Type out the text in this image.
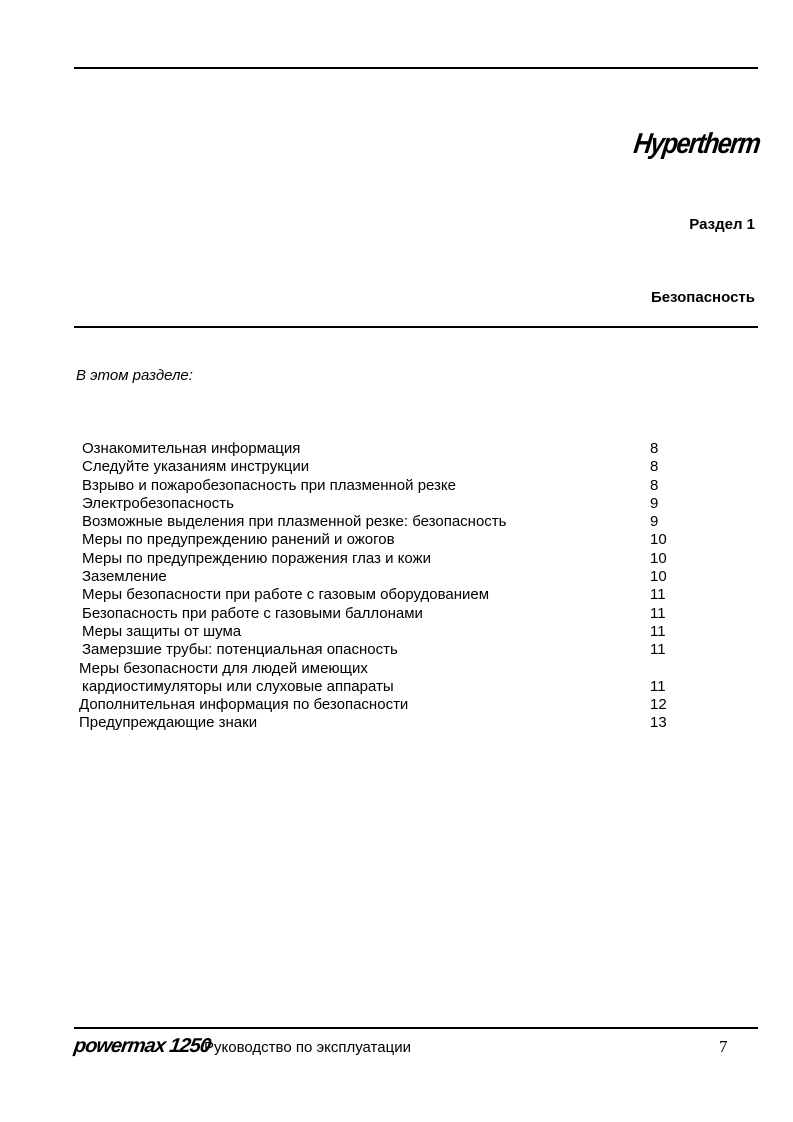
Hypertherm
Раздел 1
Безопасность
В этом разделе:
Ознакомительная информация	8
Следуйте указаниям инструкции	8
Взрыво и пожаробезопасность при плазменной резке	8
Электробезопасность	9
Возможные выделения при плазменной резке: безопасность	9
Меры по предупреждению ранений и ожогов	10
Меры по предупреждению поражения глаз и кожи	10
Заземление	10
Меры безопасности при работе с газовым оборудованием	11
Безопасность при работе с газовыми баллонами	11
Меры защиты от шума	11
Замерзшие трубы: потенциальная опасность	11
Меры безопасности для людей имеющих
кардиостимуляторы или слуховые аппараты	11
Дополнительная информация по безопасности	12
Предупреждающие знаки	13
powermax 1250
Руководство по эксплуатации	7
